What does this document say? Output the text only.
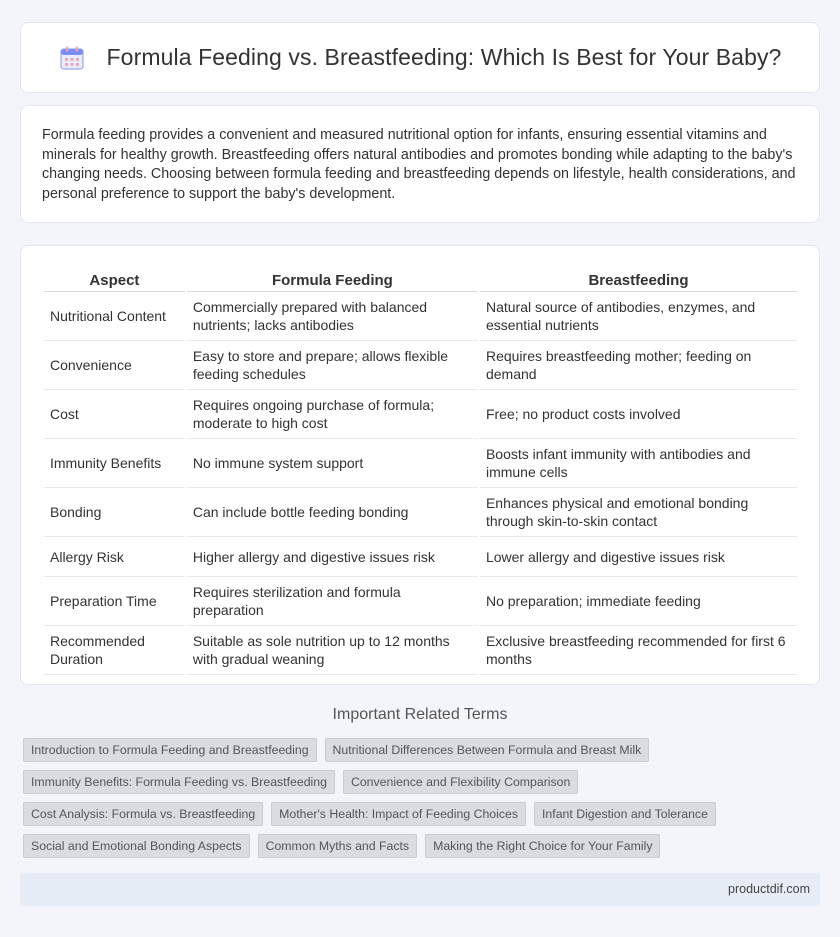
Formula Feeding vs. Breastfeeding: Which Is Best for Your Baby?

Formula feeding provides a convenient and measured nutritional option for infants, ensuring essential vitamins and minerals for healthy growth. Breastfeeding offers natural antibodies and promotes bonding while adapting to the baby's changing needs. Choosing between formula feeding and breastfeeding depends on lifestyle, health considerations, and personal preference to support the baby's development.

Aspect	Formula Feeding	Breastfeeding
Nutritional Content	Commercially prepared with balanced nutrients; lacks antibodies	Natural source of antibodies, enzymes, and essential nutrients
Convenience	Easy to store and prepare; allows flexible feeding schedules	Requires breastfeeding mother; feeding on demand
Cost	Requires ongoing purchase of formula; moderate to high cost	Free; no product costs involved
Immunity Benefits	No immune system support	Boosts infant immunity with antibodies and immune cells
Bonding	Can include bottle feeding bonding	Enhances physical and emotional bonding through skin-to-skin contact
Allergy Risk	Higher allergy and digestive issues risk	Lower allergy and digestive issues risk
Preparation Time	Requires sterilization and formula preparation	No preparation; immediate feeding
Recommended Duration	Suitable as sole nutrition up to 12 months with gradual weaning	Exclusive breastfeeding recommended for first 6 months
Important Related Terms
Introduction to Formula Feeding and Breastfeeding	Nutritional Differences Between Formula and Breast Milk
Immunity Benefits: Formula Feeding vs. Breastfeeding	Convenience and Flexibility Comparison
Cost Analysis: Formula vs. Breastfeeding	Mother's Health: Impact of Feeding Choices	Infant Digestion and Tolerance
Social and Emotional Bonding Aspects	Common Myths and Facts	Making the Right Choice for Your Family
productdif.com
